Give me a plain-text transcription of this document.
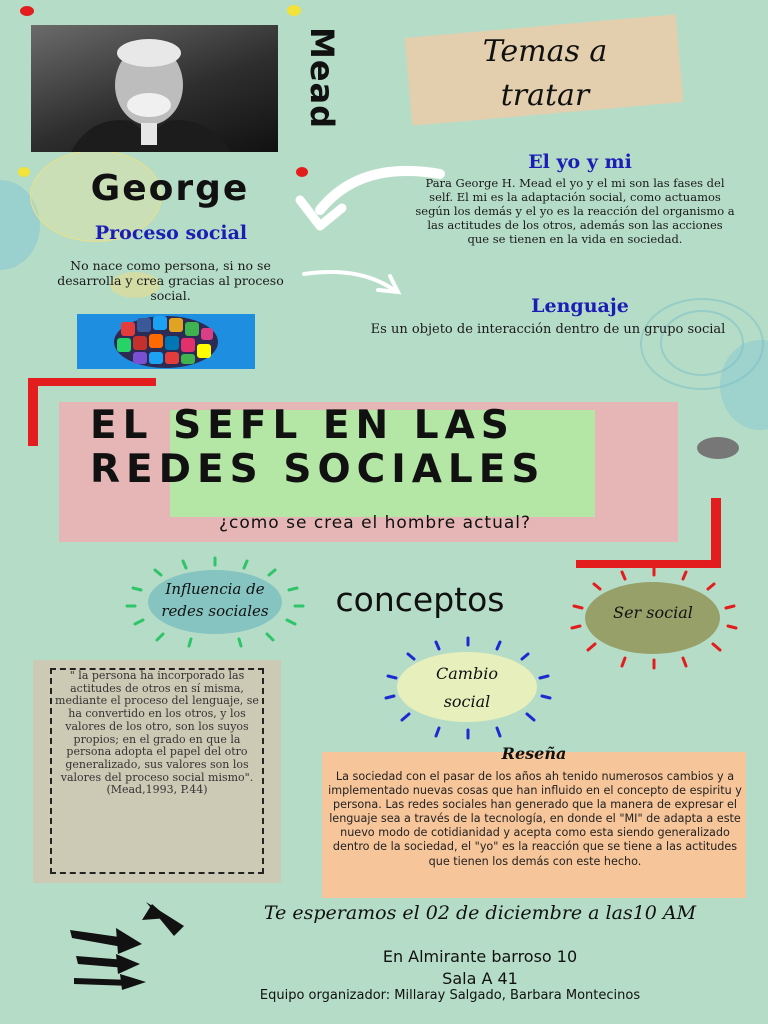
Mead	Temas a
tratar
George
Proceso social
No nace como persona, si no se desarrolla y crea gracias al proceso social.
El yo y mi
Para George H. Mead el yo y el mi son las fases del self. El mi es la adaptación social, como actuamos según los demás y el yo es la reacción del organismo a las actitudes de los otros, además son las acciones que se tienen en la vida en sociedad.
Lenguaje
Es un objeto de interacción dentro de un grupo social
EL SEFL EN LAS
REDES SOCIALES
¿como se crea el hombre actual?
Influencia de
redes sociales	conceptos	Ser social
Cambio
social
" la persona ha incorporado las actitudes de otros en sí misma, mediante el proceso del lenguaje, se ha convertido en los otros, y los valores de los otro, son los suyos propios; en el grado en que la persona adopta el papel del otro generalizado, sus valores son los valores del proceso social mismo". (Mead,1993, P.44)
Reseña
La sociedad con el pasar de los años ah tenido numerosos cambios y a implementado nuevas cosas que han influido en el concepto de espiritu y persona. Las redes sociales han generado que la manera de expresar el lenguaje sea a través de la tecnología, en donde el "MI" de adapta a este nuevo modo de cotidianidad y acepta como esta siendo generalizado dentro de la sociedad, el "yo" es la reacción que se tiene a las actitudes que tienen los demás con este hecho.
Te esperamos el 02 de diciembre a las10 AM
En Almirante barroso 10
Sala A 41
Equipo organizador: Millaray Salgado, Barbara Montecinos
